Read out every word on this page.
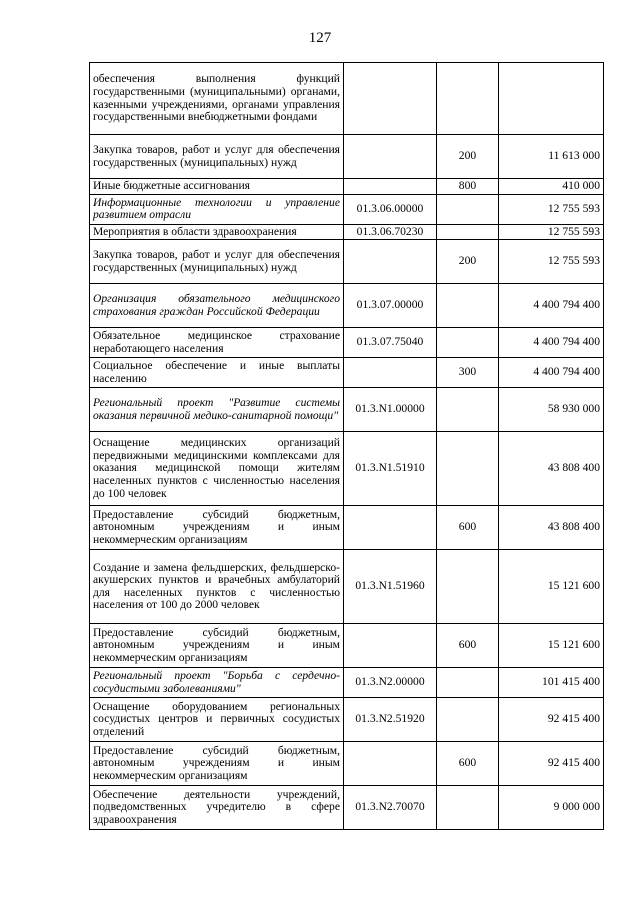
127
обеспечения выполнения функций государственными (муниципальными) органами, казенными учреждениями, органами управления государственными внебюджетными фондами			
Закупка товаров, работ и услуг для обеспечения государственных (муниципальных) нужд		200	11 613 000
Иные бюджетные ассигнования		800	410 000
Информационные технологии и управление развитием отрасли	01.3.06.00000		12 755 593
Мероприятия в области здравоохранения	01.3.06.70230		12 755 593
Закупка товаров, работ и услуг для обеспечения государственных (муниципальных) нужд		200	12 755 593
Организация обязательного медицинского страхования граждан Российской Федерации	01.3.07.00000		4 400 794 400
Обязательное медицинское страхование неработающего населения	01.3.07.75040		4 400 794 400
Социальное обеспечение и иные выплаты населению		300	4 400 794 400
Региональный проект "Развитие системы оказания первичной медико-санитарной помощи"	01.3.N1.00000		58 930 000
Оснащение медицинских организаций передвижными медицинскими комплексами для оказания медицинской помощи жителям населенных пунктов с численностью населения до 100 человек	01.3.N1.51910		43 808 400
Предоставление субсидий бюджетным, автономным учреждениям и иным некоммерческим организациям		600	43 808 400
Создание и замена фельдшерских, фельдшерско-акушерских пунктов и врачебных амбулаторий для населенных пунктов с численностью населения от 100 до 2000 человек	01.3.N1.51960		15 121 600
Предоставление субсидий бюджетным, автономным учреждениям и иным некоммерческим организациям		600	15 121 600
Региональный проект "Борьба с сердечно-сосудистыми заболеваниями"	01.3.N2.00000		101 415 400
Оснащение оборудованием региональных сосудистых центров и первичных сосудистых отделений	01.3.N2.51920		92 415 400
Предоставление субсидий бюджетным, автономным учреждениям и иным некоммерческим организациям		600	92 415 400
Обеспечение деятельности учреждений, подведомственных учредителю в сфере здравоохранения	01.3.N2.70070		9 000 000
